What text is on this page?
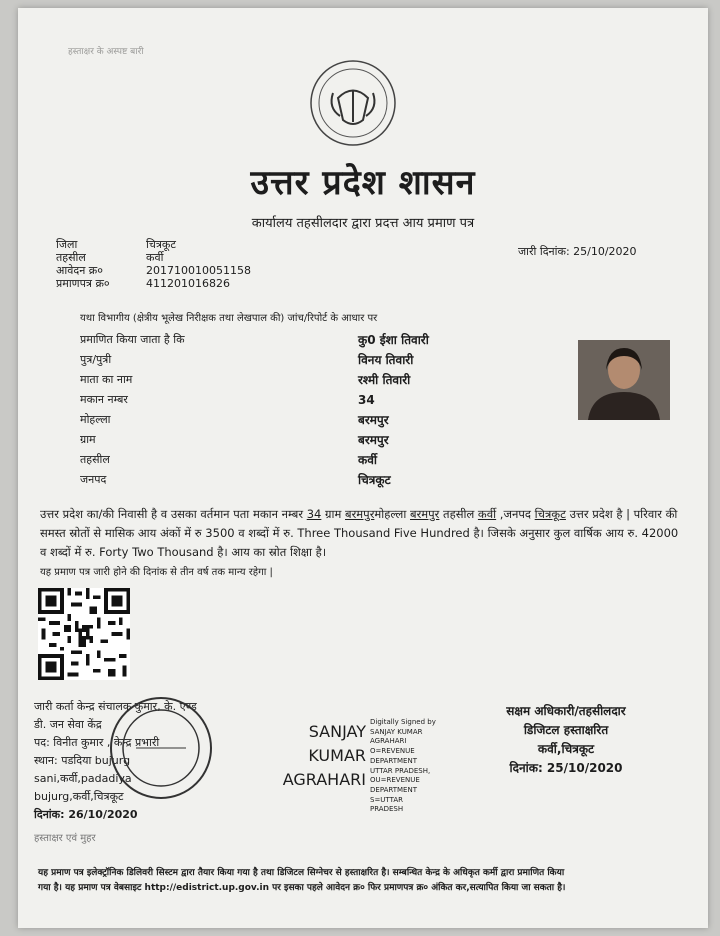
हस्ताक्षर के अस्पष्ट बारी
उत्तर प्रदेश शासन
कार्यालय तहसीलदार द्वारा प्रदत्त आय प्रमाण पत्र
जिला	चित्रकूट
तहसील	कर्वी
आवेदन क्र०	201710010051158
प्रमाणपत्र क्र०	411201016826
जारी दिनांक: 25/10/2020
यथा विभागीय (क्षेत्रीय भूलेख निरीक्षक तथा लेखपाल की) जांच/रिपोर्ट के आधार पर
प्रमाणित किया जाता है कि	कु0 ईशा तिवारी
पुत्र/पुत्री	विनय तिवारी
माता का नाम	रश्मी तिवारी
मकान नम्बर	34
मोहल्ला	बरमपुर
ग्राम	बरमपुर
तहसील	कर्वी
जनपद	चित्रकूट
उत्तर प्रदेश का/की निवासी है व उसका वर्तमान पता मकान नम्बर 34 ग्राम बरमपुरमोहल्ला बरमपुर तहसील कर्वी ,जनपद चित्रकूट उत्तर प्रदेश है | परिवार की समस्त स्रोतों से मासिक आय अंकों में रु 3500 व शब्दों में रु. Three Thousand Five Hundred है। जिसके अनुसार कुल वार्षिक आय रु. 42000 व शब्दों में रु. Forty Two Thousand है। आय का स्रोत शिक्षा है।
यह प्रमाण पत्र जारी होने की दिनांक से तीन वर्ष तक मान्य रहेगा |
जारी कर्ता केन्द्र संचालक कुमार, के. एण्ड
डी. जन सेवा केंद्र
पद: विनीत कुमार , केन्द्र प्रभारी
स्थान: पडदिया bujurg
sani,कर्वी,padadiya
bujurg,कर्वी,चित्रकूट
दिनांक: 26/10/2020
हस्ताक्षर एवं मुहर
SANJAY
KUMAR
AGRAHARI
Digitally Signed by
SANJAY KUMAR
AGRAHARI
O=REVENUE
DEPARTMENT
UTTAR PRADESH,
OU=REVENUE
DEPARTMENT
S=UTTAR
PRADESH
सक्षम अधिकारी/तहसीलदार
डिजिटल हस्ताक्षरित
कर्वी,चित्रकूट
दिनांक: 25/10/2020
यह प्रमाण पत्र इलेक्ट्रॉनिक डिलिवरी सिस्टम द्वारा तैयार किया गया है तथा डिजिटल सिग्नेचर से हस्ताक्षरित है। सम्बन्धित केन्द्र के अधिकृत कर्मी द्वारा प्रमाणित किया
गया है। यह प्रमाण पत्र वेबसाइट http://edistrict.up.gov.in पर इसका पहले आवेदन क्र० फिर प्रमाणपत्र क्र० अंकित कर,सत्यापित किया जा सकता है।
